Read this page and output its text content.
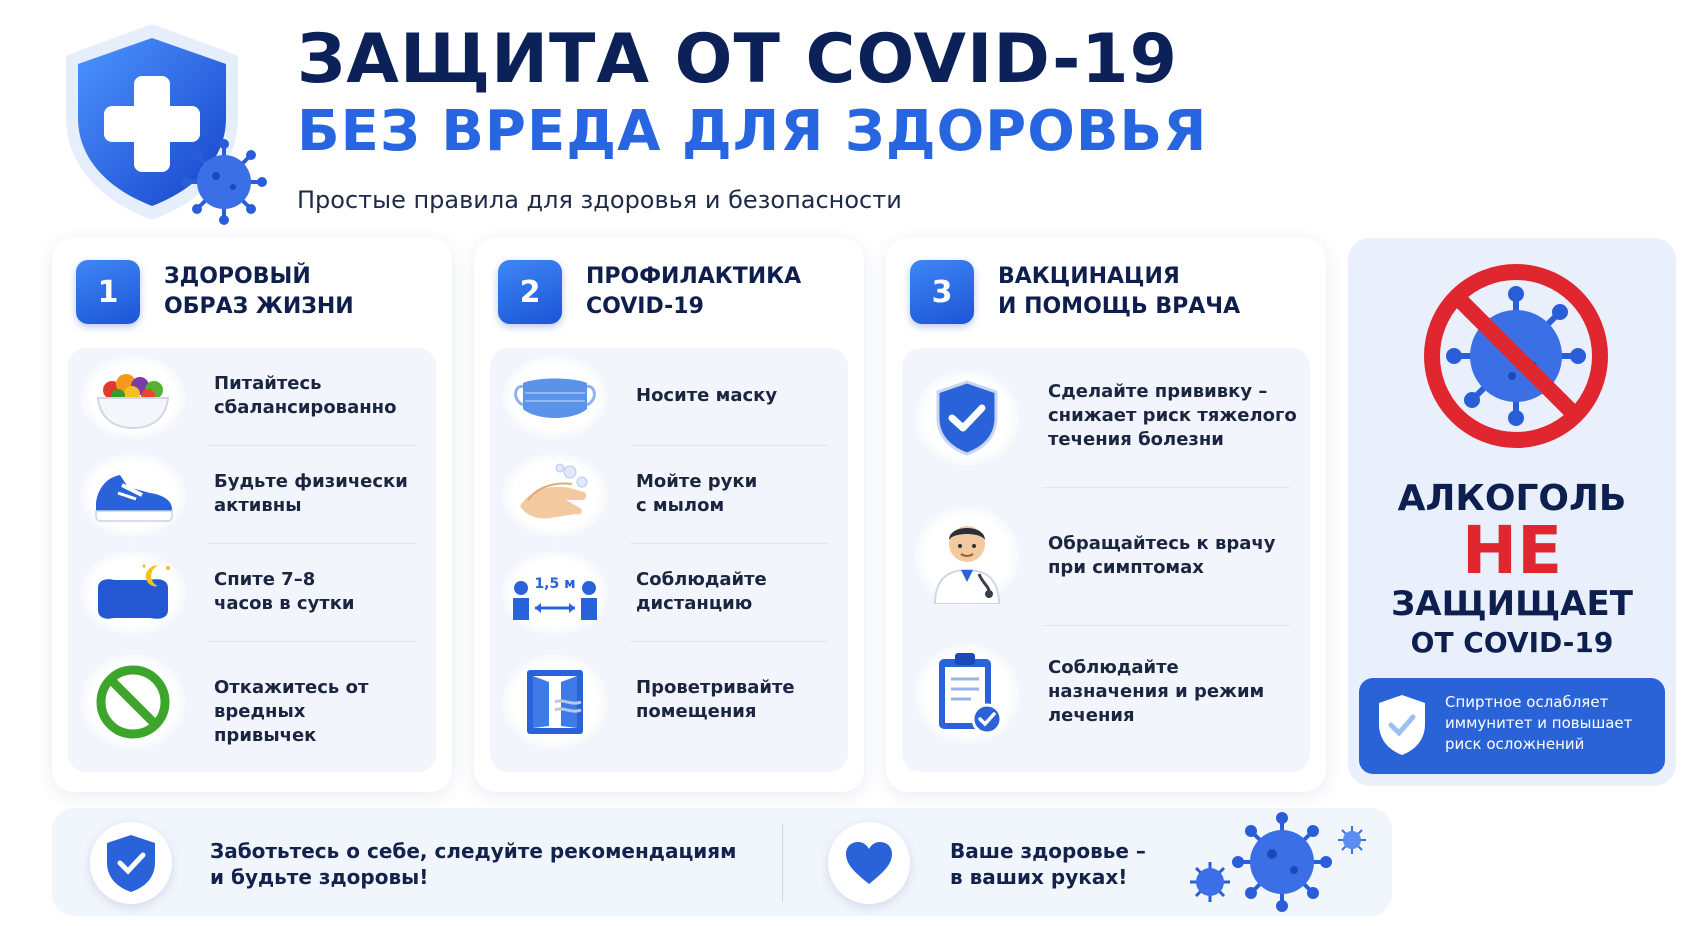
ЗАЩИТА ОТ COVID-19
БЕЗ ВРЕДА ДЛЯ ЗДОРОВЬЯ
Простые правила для здоровья и безопасности
1	ЗДОРОВЫЙ
ОБРАЗ ЖИЗНИ
Питайтесь
сбалансированно
Будьте физически
активны
Спите 7–8
часов в сутки
Откажитесь от вредных
привычек
2	ПРОФИЛАКТИКА
COVID-19
Носите маску
Мойте руки
с мылом
1,5 м	Соблюдайте
дистанцию
Проветривайте
помещения
3	ВАКЦИНАЦИЯ
И ПОМОЩЬ ВРАЧА
Сделайте прививку –
снижает риск тяжелого
течения болезни
Обращайтесь к врачу
при симптомах
Соблюдайте
назначения и режим
лечения
АЛКОГОЛЬ
НЕ
ЗАЩИЩАЕТ
ОТ COVID-19
Спиртное ослабляет
иммунитет и повышает
риск осложнений
Заботьтесь о себе, следуйте рекомендациям
и будьте здоровы!
Ваше здоровье –
в ваших руках!
